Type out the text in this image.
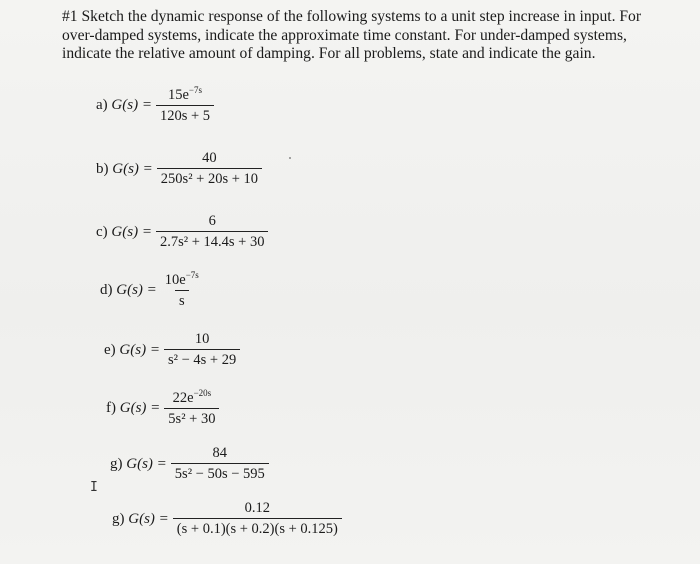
#1 Sketch the dynamic response of the following systems to a unit step increase in input. For
over-damped systems, indicate the approximate time constant. For under-damped systems,
indicate the relative amount of damping. For all problems, state and indicate the gain.
a) $G(s) = \frac{15e^{-7s}}{120s + 5}$
b) $G(s) = \frac{40}{\text{250s² + 20s + 10}}$
c) $G(s) = \frac{6}{\text{2.7s² + 14.4s + 30}}$
d) $G(s) = \frac{10e^{-7s}}{s}$
e) $G(s) = \frac{10}{\text{s² − 4s + 29}}$
f) $G(s) = \frac{22e^{-20s}}{\text{5s² + 30}}$
g) $G(s) = \frac{84}{\text{5s² − 50s − 595}}$
I
g) $G(s) = \frac{0.12}{(s + 0.1)(s + 0.2)(s + 0.125)}$
